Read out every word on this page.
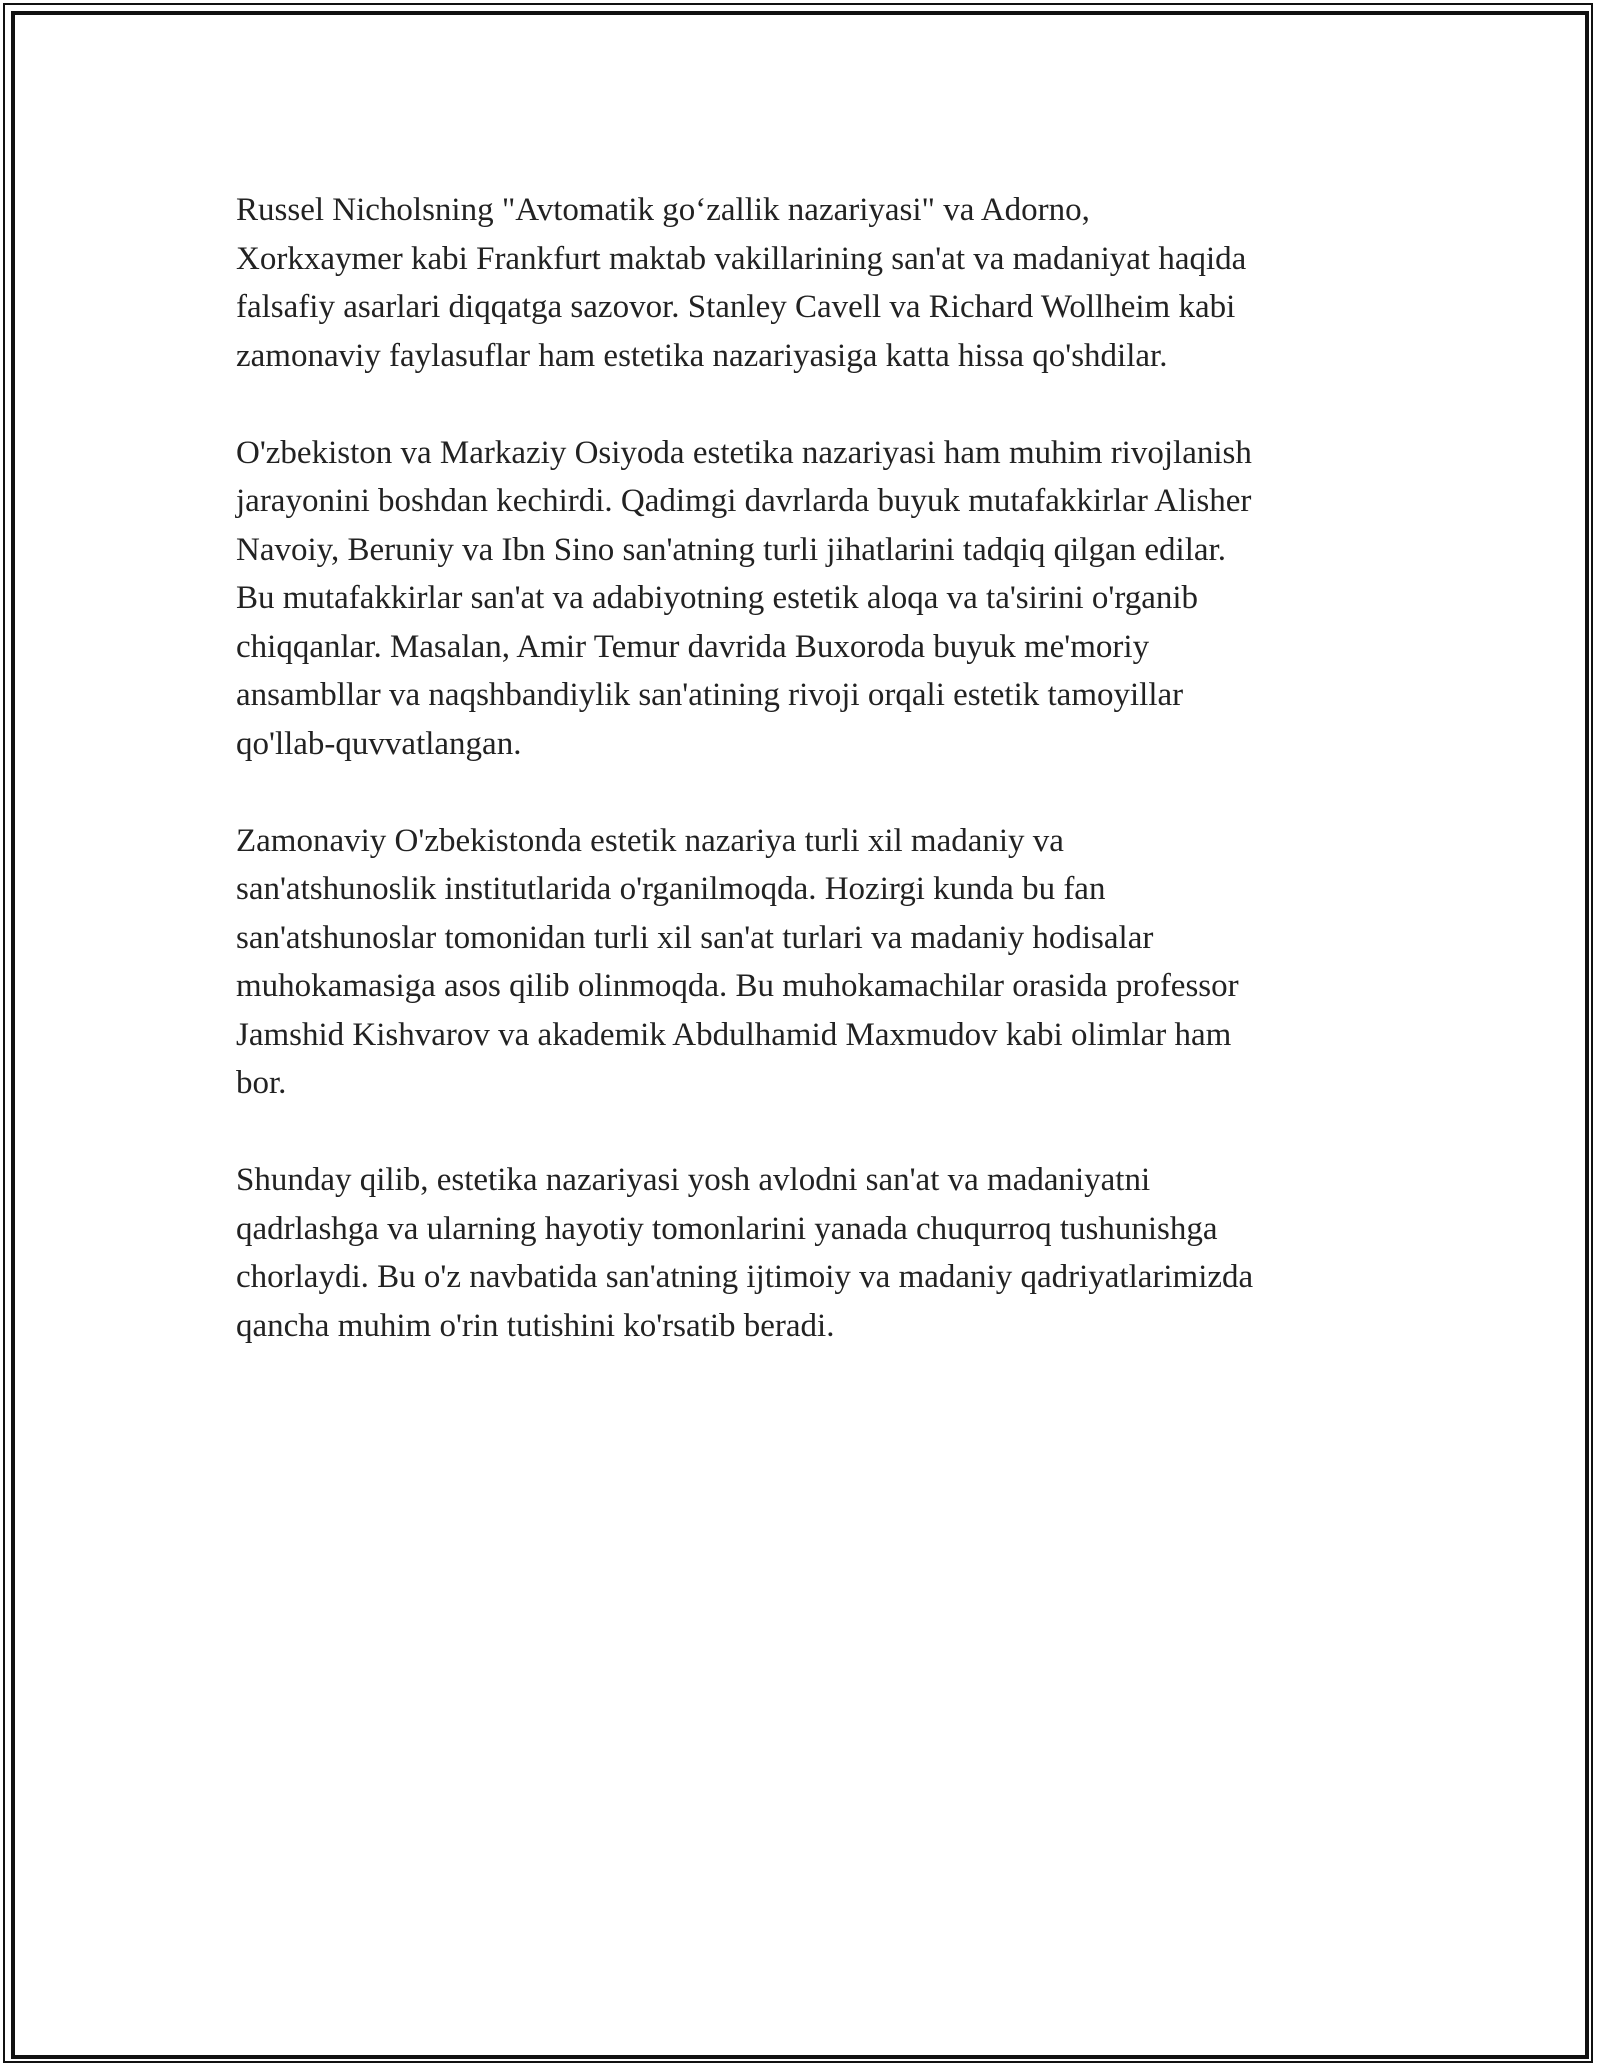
Russel Nicholsning "Avtomatik go‘zallik nazariyasi" va Adorno,
Xorkxaymer kabi Frankfurt maktab vakillarining san'at va madaniyat haqida
falsafiy asarlari diqqatga sazovor. Stanley Cavell va Richard Wollheim kabi
zamonaviy faylasuflar ham estetika nazariyasiga katta hissa qo'shdilar.

O'zbekiston va Markaziy Osiyoda estetika nazariyasi ham muhim rivojlanish
jarayonini boshdan kechirdi. Qadimgi davrlarda buyuk mutafakkirlar Alisher
Navoiy, Beruniy va Ibn Sino san'atning turli jihatlarini tadqiq qilgan edilar.
Bu mutafakkirlar san'at va adabiyotning estetik aloqa va ta'sirini o'rganib
chiqqanlar. Masalan, Amir Temur davrida Buxoroda buyuk me'moriy
ansambllar va naqshbandiylik san'atining rivoji orqali estetik tamoyillar
qo'llab-quvvatlangan.

Zamonaviy O'zbekistonda estetik nazariya turli xil madaniy va
san'atshunoslik institutlarida o'rganilmoqda. Hozirgi kunda bu fan
san'atshunoslar tomonidan turli xil san'at turlari va madaniy hodisalar
muhokamasiga asos qilib olinmoqda. Bu muhokamachilar orasida professor
Jamshid Kishvarov va akademik Abdulhamid Maxmudov kabi olimlar ham
bor.

Shunday qilib, estetika nazariyasi yosh avlodni san'at va madaniyatni
qadrlashga va ularning hayotiy tomonlarini yanada chuqurroq tushunishga
chorlaydi. Bu o'z navbatida san'atning ijtimoiy va madaniy qadriyatlarimizda
qancha muhim o'rin tutishini ko'rsatib beradi.
